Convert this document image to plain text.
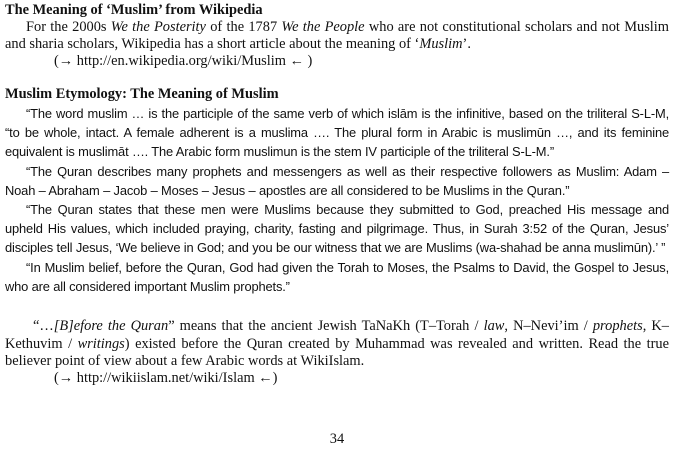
The Meaning of ‘Muslim’ from Wikipedia

For the 2000s We the Posterity of the 1787 We the People who are not constitutional scholars and not Muslim and sharia scholars, Wikipedia has a short article about the meaning of ‘Muslim’.

(→ http://en.wikipedia.org/wiki/Muslim ← )

Muslim Etymology: The Meaning of Muslim

“The word muslim … is the participle of the same verb of which islām is the infinitive, based on the triliteral S-L-M, “to be whole, intact. A female adherent is a muslima …. The plural form in Arabic is muslimūn …, and its feminine equivalent is muslimāt …. The Arabic form muslimun is the stem IV participle of the triliteral S-L-M.”

“The Quran describes many prophets and messengers as well as their respective followers as Muslim: Adam – Noah – Abraham – Jacob – Moses – Jesus – apostles are all considered to be Muslims in the Quran.”

“The Quran states that these men were Muslims because they submitted to God, preached His message and upheld His values, which included praying, charity, fasting and pilgrimage. Thus, in Surah 3:52 of the Quran, Jesus’ disciples tell Jesus, ‘We believe in God; and you be our witness that we are Muslims (wa-shahad be anna muslimūn).’ ”

“In Muslim belief, before the Quran, God had given the Torah to Moses, the Psalms to David, the Gospel to Jesus, who are all considered important Muslim prophets.”

“…[B]efore the Quran” means that the ancient Jewish TaNaKh (T–Torah / law, N–Nevi’im / prophets, K–Kethuvim / writings) existed before the Quran created by Muhammad was revealed and written. Read the true believer point of view about a few Arabic words at WikiIslam.

(→ http://wikiislam.net/wiki/Islam ←)

34
